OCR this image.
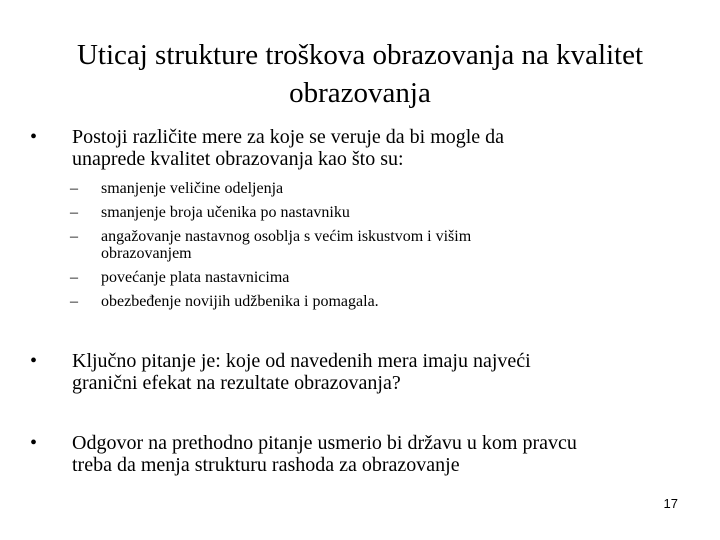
Uticaj strukture troškova obrazovanja na kvalitet
obrazovanja
•	Postoji različite mere za koje se veruje da bi mogle da
unaprede kvalitet obrazovanja kao što su:
– smanjenje veličine odeljenja
– smanjenje broja učenika po nastavniku
– angažovanje nastavnog osoblja s većim iskustvom i višim
obrazovanjem
– povećanje plata nastavnicima
– obezbeđenje novijih udžbenika i pomagala.
•	Ključno pitanje je: koje od navedenih mera imaju najveći
granični efekat na rezultate obrazovanja?
•	Odgovor na prethodno pitanje usmerio bi državu u kom pravcu
treba da menja strukturu rashoda za obrazovanje
17
